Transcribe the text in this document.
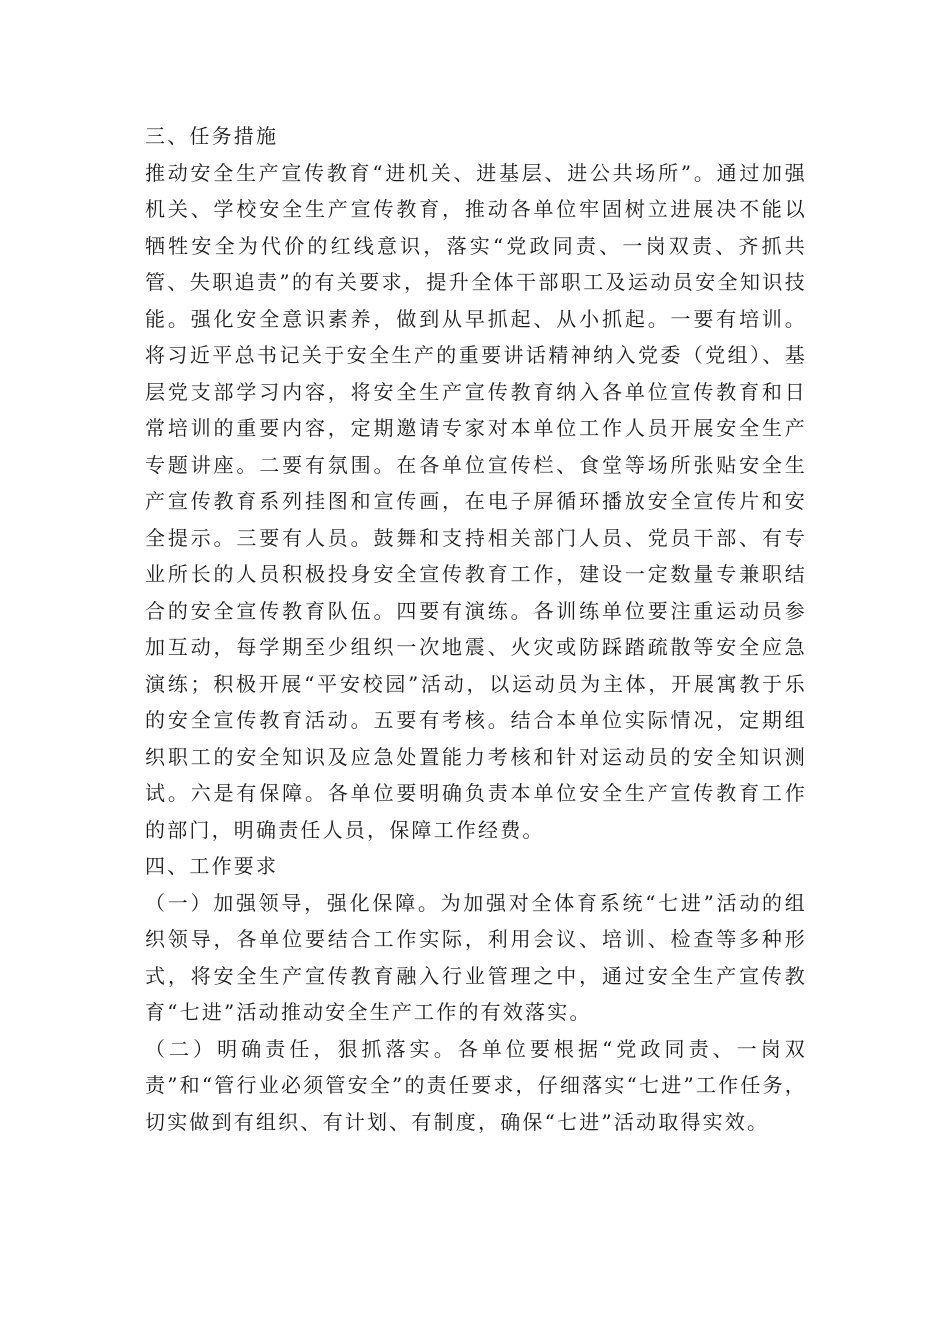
三、任务措施

推动安全生产宣传教育“进机关、进基层、进公共场所”。通过加强机关、学校安全生产宣传教育，推动各单位牢固树立进展决不能以牺牲安全为代价的红线意识，落实“党政同责、一岗双责、齐抓共管、失职追责”的有关要求，提升全体干部职工及运动员安全知识技能。强化安全意识素养，做到从早抓起、从小抓起。一要有培训。将习近平总书记关于安全生产的重要讲话精神纳入党委（党组）、基层党支部学习内容，将安全生产宣传教育纳入各单位宣传教育和日常培训的重要内容，定期邀请专家对本单位工作人员开展安全生产专题讲座。二要有氛围。在各单位宣传栏、食堂等场所张贴安全生产宣传教育系列挂图和宣传画，在电子屏循环播放安全宣传片和安全提示。三要有人员。鼓舞和支持相关部门人员、党员干部、有专业所长的人员积极投身安全宣传教育工作，建设一定数量专兼职结合的安全宣传教育队伍。四要有演练。各训练单位要注重运动员参加互动，每学期至少组织一次地震、火灾或防踩踏疏散等安全应急演练；积极开展“平安校园”活动，以运动员为主体，开展寓教于乐的安全宣传教育活动。五要有考核。结合本单位实际情况，定期组织职工的安全知识及应急处置能力考核和针对运动员的安全知识测试。六是有保障。各单位要明确负责本单位安全生产宣传教育工作的部门，明确责任人员，保障工作经费。

四、工作要求

（一）加强领导，强化保障。为加强对全体育系统“七进”活动的组织领导，各单位要结合工作实际，利用会议、培训、检查等多种形式，将安全生产宣传教育融入行业管理之中，通过安全生产宣传教育“七进”活动推动安全生产工作的有效落实。

（二）明确责任，狠抓落实。各单位要根据“党政同责、一岗双责”和“管行业必须管安全”的责任要求，仔细落实“七进”工作任务，切实做到有组织、有计划、有制度，确保“七进”活动取得实效。
